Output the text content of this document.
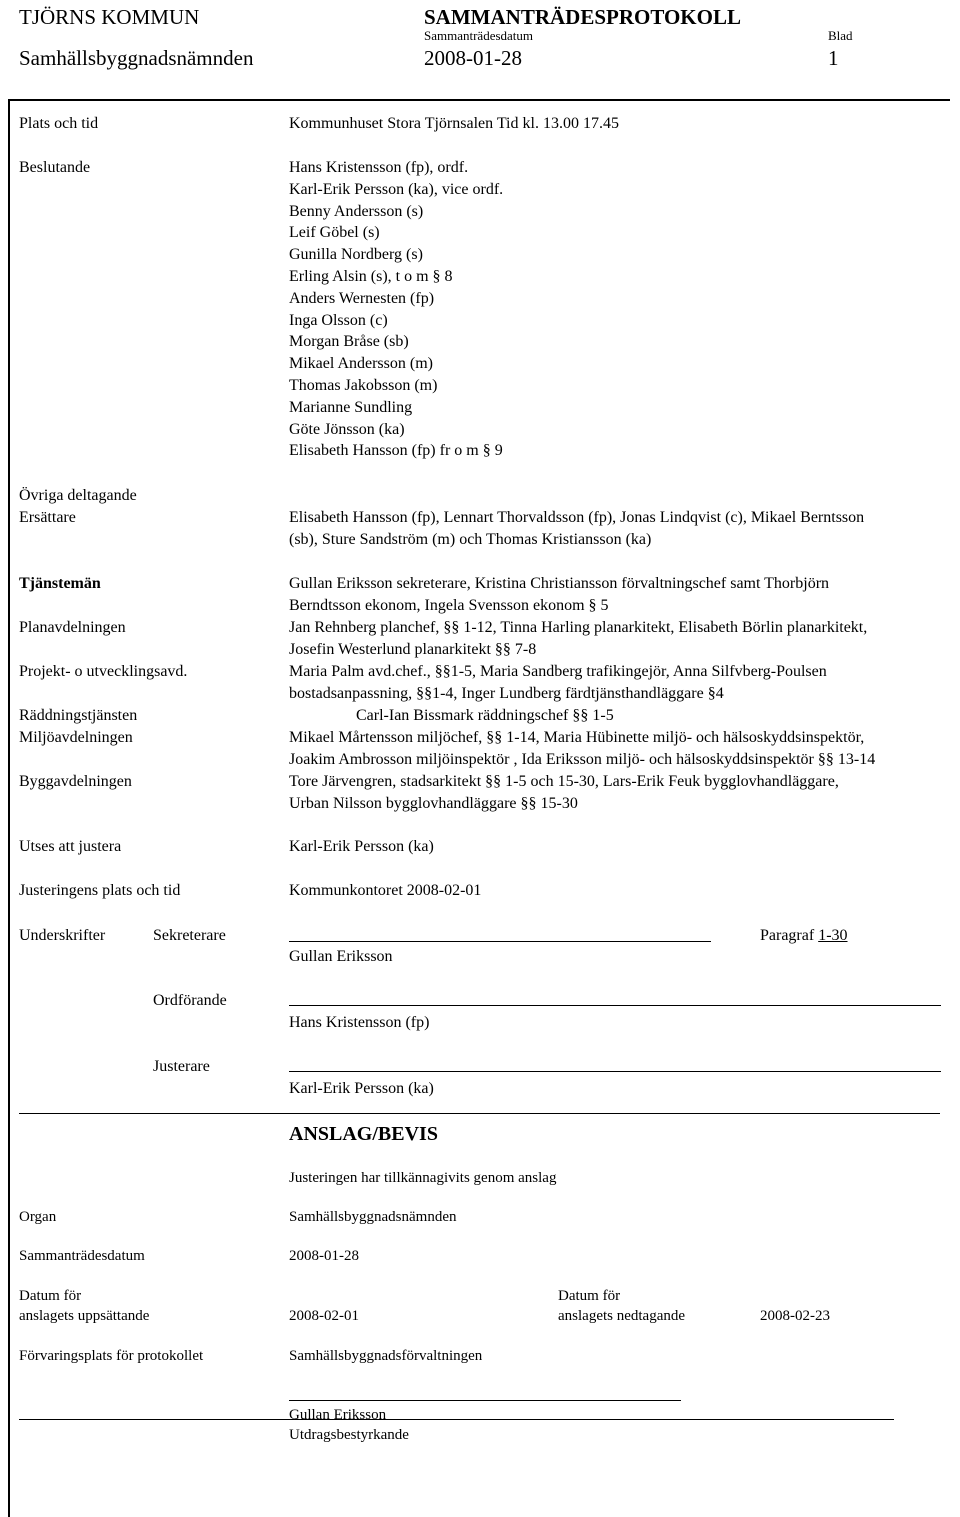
TJÖRNS KOMMUN	SAMMANTRÄDESPROTOKOLL
Sammanträdesdatum	Blad
Samhällsbyggnadsnämnden	2008-01-28	1
Plats och tid	Kommunhuset Stora Tjörnsalen Tid kl. 13.00 17.45
Beslutande	Hans Kristensson (fp), ordf.
Karl-Erik Persson (ka), vice ordf.
Benny Andersson (s)
Leif Göbel (s)
Gunilla Nordberg (s)
Erling Alsin (s), t o m § 8
Anders Wernesten (fp)
Inga Olsson (c)
Morgan Bråse (sb)
Mikael Andersson (m)
Thomas Jakobsson (m)
Marianne Sundling
Göte Jönsson (ka)
Elisabeth Hansson (fp) fr o m § 9
Övriga deltagande
Ersättare	Elisabeth Hansson (fp), Lennart Thorvaldsson (fp), Jonas Lindqvist (c), Mikael Berntsson
(sb), Sture Sandström (m) och Thomas Kristiansson (ka)
Tjänstemän	Gullan Eriksson sekreterare, Kristina Christiansson förvaltningschef samt Thorbjörn
Berndtsson ekonom, Ingela Svensson ekonom § 5
Planavdelningen	Jan Rehnberg planchef, §§ 1-12, Tinna Harling planarkitekt, Elisabeth Börlin planarkitekt,
Josefin Westerlund planarkitekt §§ 7-8
Projekt- o utvecklingsavd.	Maria Palm avd.chef., §§1-5, Maria Sandberg trafikingejör, Anna Silfvberg-Poulsen
bostadsanpassning, §§1-4, Inger Lundberg färdtjänsthandläggare §4
Räddningstjänsten	Carl-Ian Bissmark räddningschef §§ 1-5
Miljöavdelningen	Mikael Mårtensson miljöchef, §§ 1-14, Maria Hübinette miljö- och hälsoskyddsinspektör,
Joakim Ambrosson miljöinspektör , Ida Eriksson miljö- och hälsoskyddsinspektör §§ 13-14
Byggavdelningen	Tore Järvengren, stadsarkitekt §§ 1-5 och 15-30, Lars-Erik Feuk bygglovhandläggare,
Urban Nilsson bygglovhandläggare §§ 15-30
Utses att justera	Karl-Erik Persson (ka)
Justeringens plats och tid	Kommunkontoret 2008-02-01
Underskrifter	Sekreterare	Paragraf 1-30
Gullan Eriksson
Ordförande
Hans Kristensson (fp)
Justerare
Karl-Erik Persson (ka)
ANSLAG/BEVIS
Justeringen har tillkännagivits genom anslag
Organ	Samhällsbyggnadsnämnden
Sammanträdesdatum	2008-01-28
Datum för
anslagets uppsättande	2008-02-01
Datum för
anslagets nedtagande	2008-02-23
Förvaringsplats för protokollet	Samhällsbyggnadsförvaltningen
Gullan Eriksson
Utdragsbestyrkande
